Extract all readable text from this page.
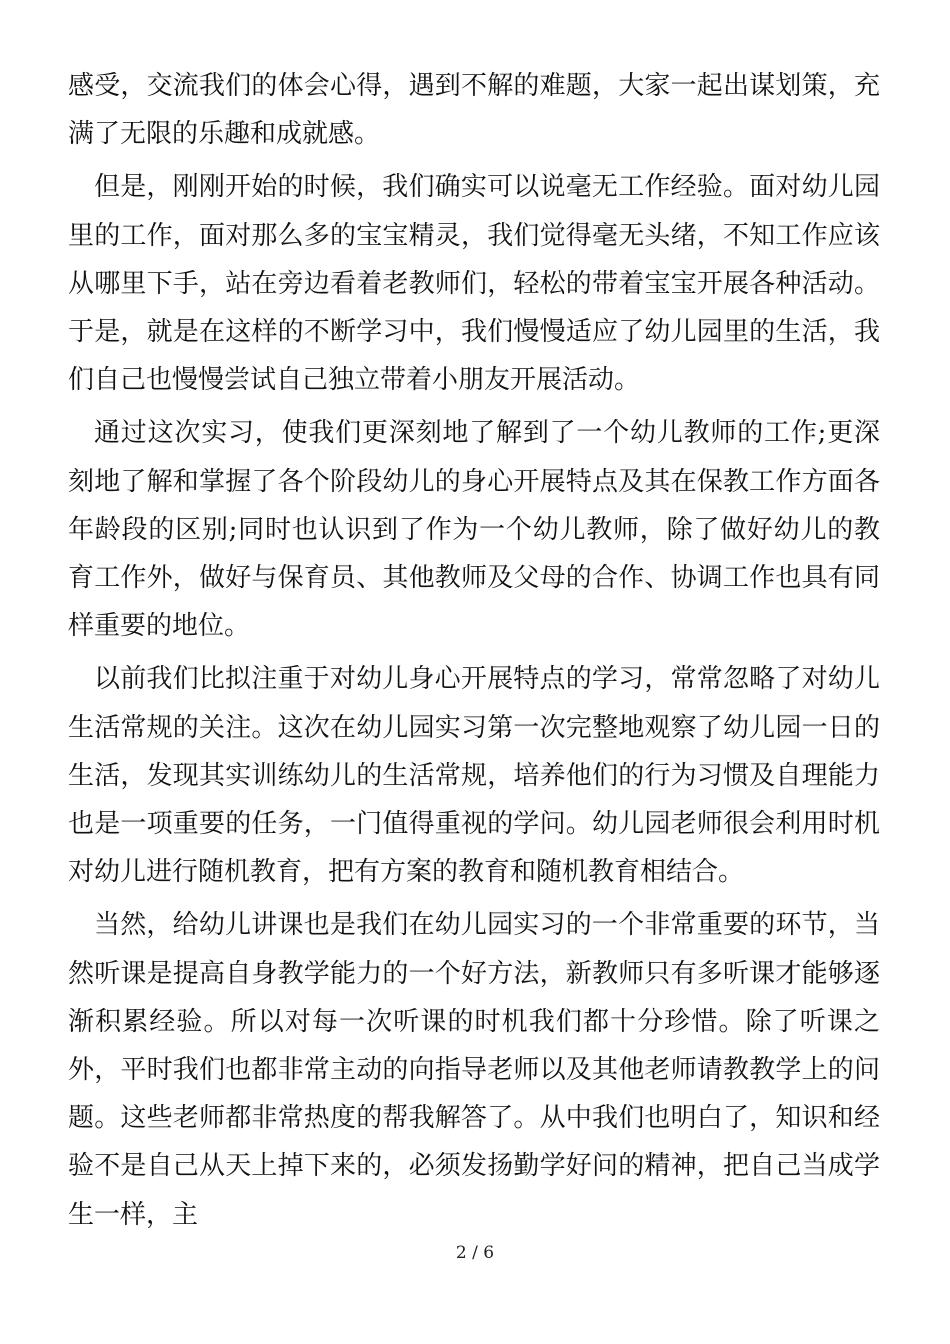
感受，交流我们的体会心得，遇到不解的难题，大家一起出谋划策，充满了无限的乐趣和成就感。

但是，刚刚开始的时候，我们确实可以说毫无工作经验。面对幼儿园里的工作，面对那么多的宝宝精灵，我们觉得毫无头绪，不知工作应该从哪里下手，站在旁边看着老教师们，轻松的带着宝宝开展各种活动。于是，就是在这样的不断学习中，我们慢慢适应了幼儿园里的生活，我们自己也慢慢尝试自己独立带着小朋友开展活动。

通过这次实习，使我们更深刻地了解到了一个幼儿教师的工作;更深刻地了解和掌握了各个阶段幼儿的身心开展特点及其在保教工作方面各年龄段的区别;同时也认识到了作为一个幼儿教师，除了做好幼儿的教育工作外，做好与保育员、其他教师及父母的合作、协调工作也具有同样重要的地位。

以前我们比拟注重于对幼儿身心开展特点的学习，常常忽略了对幼儿生活常规的关注。这次在幼儿园实习第一次完整地观察了幼儿园一日的生活，发现其实训练幼儿的生活常规，培养他们的行为习惯及自理能力也是一项重要的任务，一门值得重视的学问。幼儿园老师很会利用时机对幼儿进行随机教育，把有方案的教育和随机教育相结合。

当然，给幼儿讲课也是我们在幼儿园实习的一个非常重要的环节，当然听课是提高自身教学能力的一个好方法，新教师只有多听课才能够逐渐积累经验。所以对每一次听课的时机我们都十分珍惜。除了听课之外，平时我们也都非常主动的向指导老师以及其他老师请教教学上的问题。这些老师都非常热度的帮我解答了。从中我们也明白了，知识和经验不是自己从天上掉下来的，必须发扬勤学好问的精神，把自己当成学生一样，主

2 / 6
